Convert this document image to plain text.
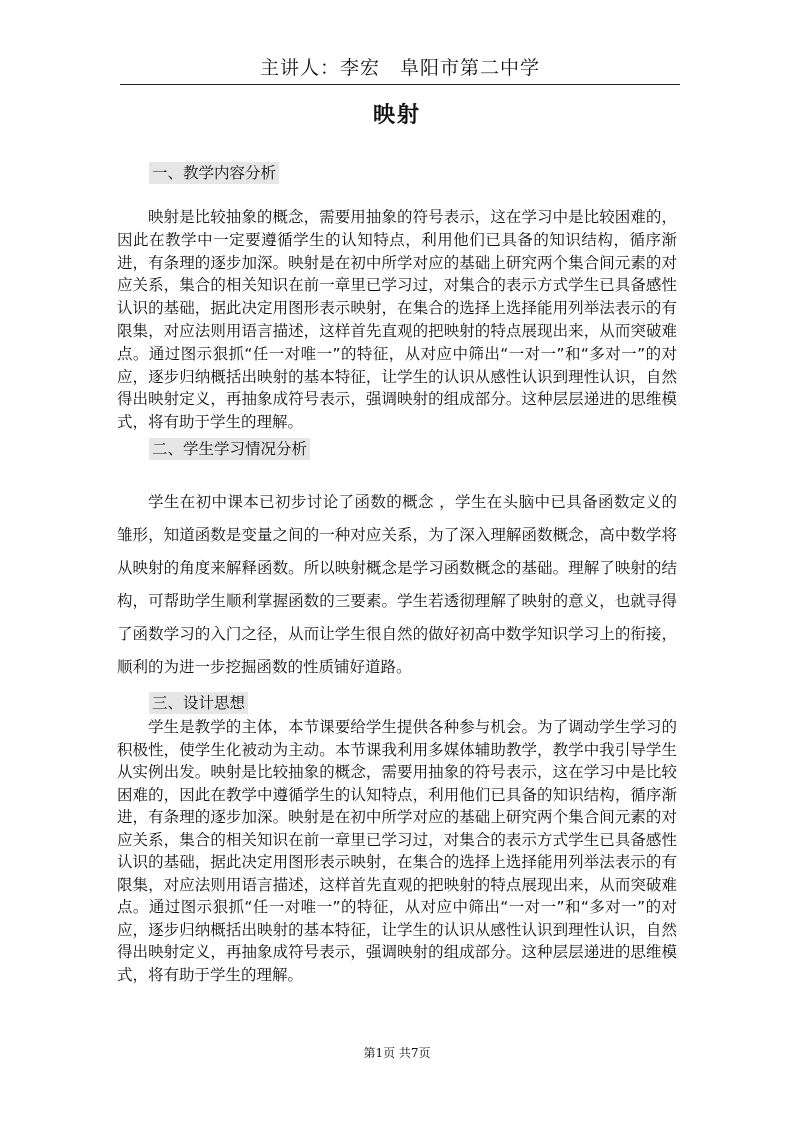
主讲人：李宏　阜阳市第二中学
映射
一、教学内容分析

映射是比较抽象的概念，需要用抽象的符号表示，这在学习中是比较困难的，因此在教学中一定要遵循学生的认知特点，利用他们已具备的知识结构，循序渐进，有条理的逐步加深。映射是在初中所学对应的基础上研究两个集合间元素的对应关系，集合的相关知识在前一章里已学习过，对集合的表示方式学生已具备感性认识的基础，据此决定用图形表示映射，在集合的选择上选择能用列举法表示的有限集，对应法则用语言描述，这样首先直观的把映射的特点展现出来，从而突破难点。通过图示狠抓“任一对唯一”的特征，从对应中筛出“一对一”和“多对一”的对应，逐步归纳概括出映射的基本特征，让学生的认识从感性认识到理性认识，自然得出映射定义，再抽象成符号表示，强调映射的组成部分。这种层层递进的思维模式，将有助于学生的理解。

二、学生学习情况分析

学生在初中课本已初步讨论了函数的概念 ，学生在头脑中已具备函数定义的雏形，知道函数是变量之间的一种对应关系，为了深入理解函数概念，高中数学将从映射的角度来解释函数。所以映射概念是学习函数概念的基础。理解了映射的结构，可帮助学生顺利掌握函数的三要素。学生若透彻理解了映射的意义，也就寻得了函数学习的入门之径，从而让学生很自然的做好初高中数学知识学习上的衔接，顺利的为进一步挖掘函数的性质铺好道路。

三、设计思想

学生是教学的主体，本节课要给学生提供各种参与机会。为了调动学生学习的积极性，使学生化被动为主动。本节课我利用多媒体辅助教学，教学中我引导学生从实例出发。映射是比较抽象的概念，需要用抽象的符号表示，这在学习中是比较困难的，因此在教学中遵循学生的认知特点，利用他们已具备的知识结构，循序渐进，有条理的逐步加深。映射是在初中所学对应的基础上研究两个集合间元素的对应关系，集合的相关知识在前一章里已学习过，对集合的表示方式学生已具备感性认识的基础，据此决定用图形表示映射，在集合的选择上选择能用列举法表示的有限集，对应法则用语言描述，这样首先直观的把映射的特点展现出来，从而突破难点。通过图示狠抓“任一对唯一”的特征，从对应中筛出“一对一”和“多对一”的对应，逐步归纳概括出映射的基本特征，让学生的认识从感性认识到理性认识，自然得出映射定义，再抽象成符号表示，强调映射的组成部分。这种层层递进的思维模式，将有助于学生的理解。

第1页 共7页
